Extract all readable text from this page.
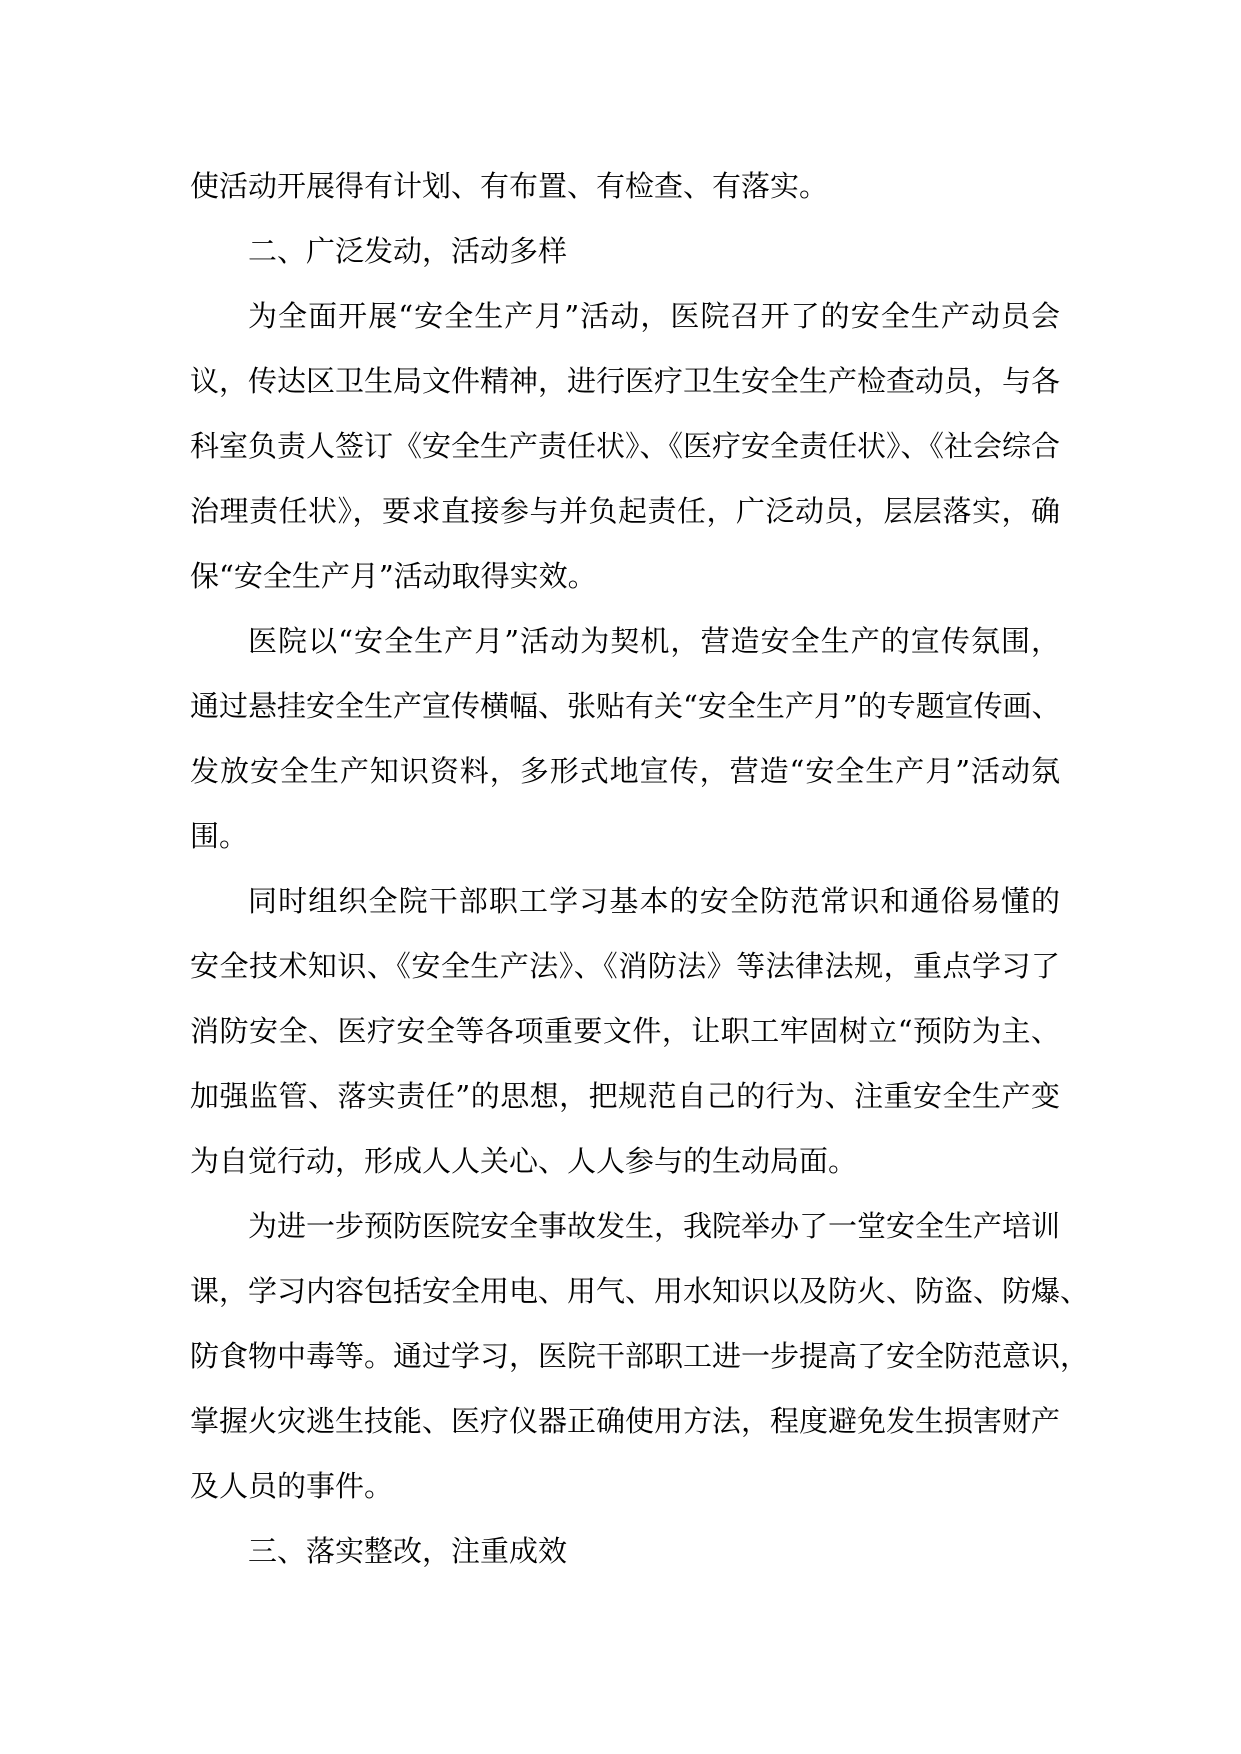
使活动开展得有计划、有布置、有检查、有落实。
二、广泛发动，活动多样
为全面开展“安全生产月”活动，医院召开了的安全生产动员会
议，传达区卫生局文件精神，进行医疗卫生安全生产检查动员，与各
科室负责人签订《安全生产责任状》、《医疗安全责任状》、《社会综合
治理责任状》，要求直接参与并负起责任，广泛动员，层层落实，确
保“安全生产月”活动取得实效。
医院以“安全生产月”活动为契机，营造安全生产的宣传氛围，
通过悬挂安全生产宣传横幅、张贴有关“安全生产月”的专题宣传画、
发放安全生产知识资料，多形式地宣传，营造“安全生产月”活动氛
围。
同时组织全院干部职工学习基本的安全防范常识和通俗易懂的
安全技术知识、《安全生产法》、《消防法》等法律法规，重点学习了
消防安全、医疗安全等各项重要文件，让职工牢固树立“预防为主、
加强监管、落实责任”的思想，把规范自己的行为、注重安全生产变
为自觉行动，形成人人关心、人人参与的生动局面。
为进一步预防医院安全事故发生，我院举办了一堂安全生产培训
课，学习内容包括安全用电、用气、用水知识以及防火、防盗、防爆、
防食物中毒等。通过学习，医院干部职工进一步提高了安全防范意识，
掌握火灾逃生技能、医疗仪器正确使用方法，程度避免发生损害财产
及人员的事件。
三、落实整改，注重成效
